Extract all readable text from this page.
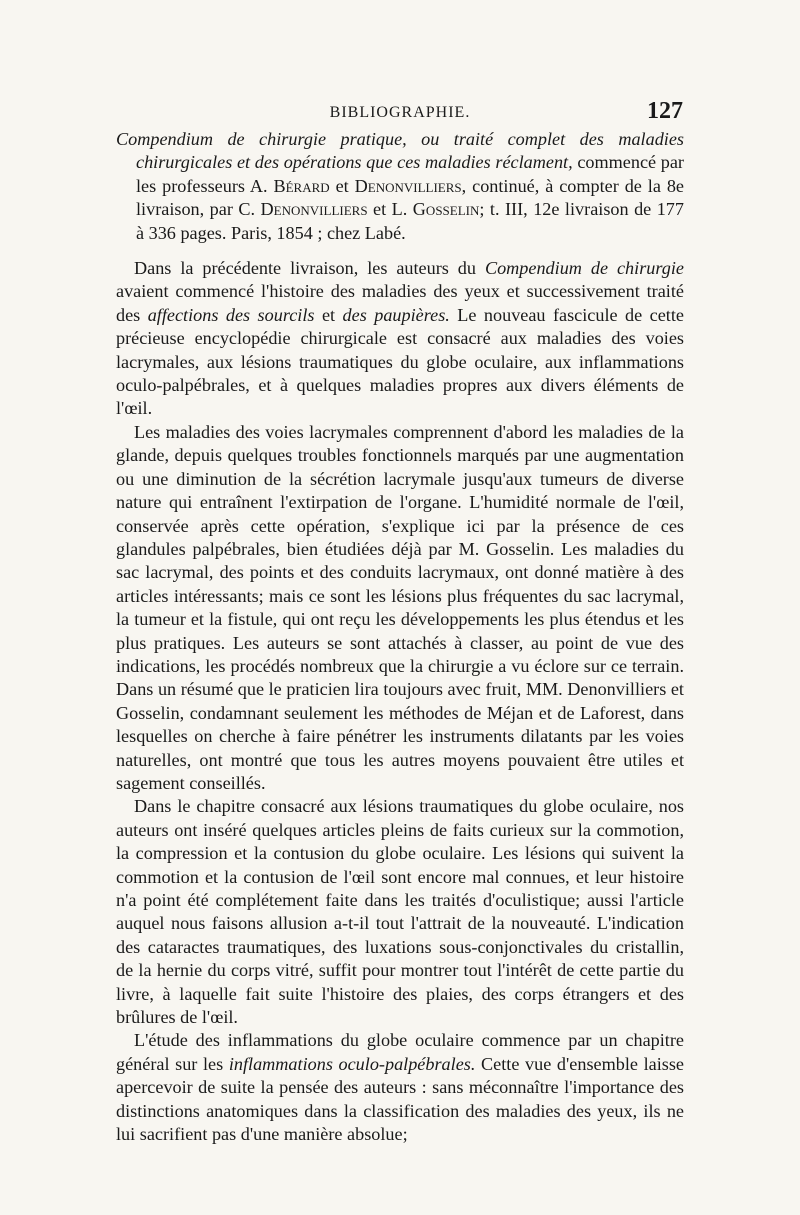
BIBLIOGRAPHIE.	127

Compendium de chirurgie pratique, ou traité complet des maladies chirurgicales et des opérations que ces maladies réclament, commencé par les professeurs A. Bérard et Denonvilliers, continué, à compter de la 8e livraison, par C. Denonvilliers et L. Gosselin; t. III, 12e livraison de 177 à 336 pages. Paris, 1854 ; chez Labé.

Dans la précédente livraison, les auteurs du Compendium de chirurgie avaient commencé l'histoire des maladies des yeux et successivement traité des affections des sourcils et des paupières. Le nouveau fascicule de cette précieuse encyclopédie chirurgicale est consacré aux maladies des voies lacrymales, aux lésions traumatiques du globe oculaire, aux inflammations oculo-palpébrales, et à quelques maladies propres aux divers éléments de l'œil.

Les maladies des voies lacrymales comprennent d'abord les maladies de la glande, depuis quelques troubles fonctionnels marqués par une augmentation ou une diminution de la sécrétion lacrymale jusqu'aux tumeurs de diverse nature qui entraînent l'extirpation de l'organe. L'humidité normale de l'œil, conservée après cette opération, s'explique ici par la présence de ces glandules palpébrales, bien étudiées déjà par M. Gosselin. Les maladies du sac lacrymal, des points et des conduits lacrymaux, ont donné matière à des articles intéressants; mais ce sont les lésions plus fréquentes du sac lacrymal, la tumeur et la fistule, qui ont reçu les développements les plus étendus et les plus pratiques. Les auteurs se sont attachés à classer, au point de vue des indications, les procédés nombreux que la chirurgie a vu éclore sur ce terrain. Dans un résumé que le praticien lira toujours avec fruit, MM. Denonvilliers et Gosselin, condamnant seulement les méthodes de Méjan et de Laforest, dans lesquelles on cherche à faire pénétrer les instruments dilatants par les voies naturelles, ont montré que tous les autres moyens pouvaient être utiles et sagement conseillés.

Dans le chapitre consacré aux lésions traumatiques du globe oculaire, nos auteurs ont inséré quelques articles pleins de faits curieux sur la commotion, la compression et la contusion du globe oculaire. Les lésions qui suivent la commotion et la contusion de l'œil sont encore mal connues, et leur histoire n'a point été complétement faite dans les traités d'oculistique; aussi l'article auquel nous faisons allusion a-t-il tout l'attrait de la nouveauté. L'indication des cataractes traumatiques, des luxations sous-conjonctivales du cristallin, de la hernie du corps vitré, suffit pour montrer tout l'intérêt de cette partie du livre, à laquelle fait suite l'histoire des plaies, des corps étrangers et des brûlures de l'œil.

L'étude des inflammations du globe oculaire commence par un chapitre général sur les inflammations oculo-palpébrales. Cette vue d'ensemble laisse apercevoir de suite la pensée des auteurs : sans méconnaître l'importance des distinctions anatomiques dans la classification des maladies des yeux, ils ne lui sacrifient pas d'une manière absolue;
